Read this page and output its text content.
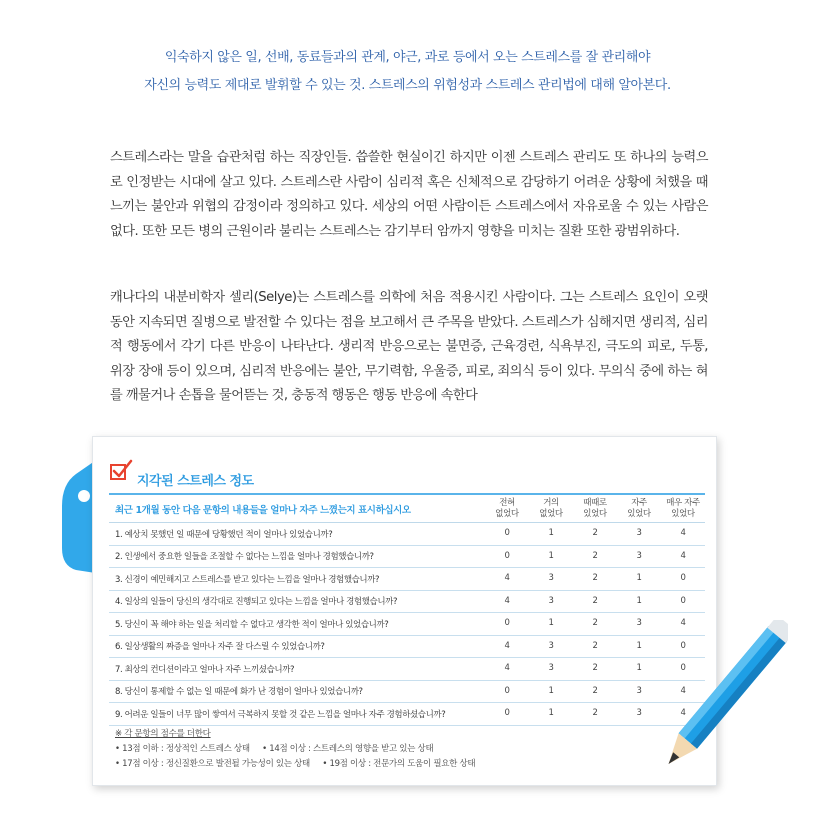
익숙하지 않은 일, 선배, 동료들과의 관계, 야근, 과로 등에서 오는 스트레스를 잘 관리해야
자신의 능력도 제대로 발휘할 수 있는 것. 스트레스의 위험성과 스트레스 관리법에 대해 알아본다.

스트레스라는 말을 습관처럼 하는 직장인들. 씁쓸한 현실이긴 하지만 이젠 스트레스 관리도 또 하나의 능력으로 인정받는 시대에 살고 있다. 스트레스란 사람이 심리적 혹은 신체적으로 감당하기 어려운 상황에 처했을 때 느끼는 불안과 위협의 감정이라 정의하고 있다. 세상의 어떤 사람이든 스트레스에서 자유로울 수 있는 사람은 없다. 또한 모든 병의 근원이라 불리는 스트레스는 감기부터 암까지 영향을 미치는 질환 또한 광범위하다.

캐나다의 내분비학자 셀리(Selye)는 스트레스를 의학에 처음 적용시킨 사람이다. 그는 스트레스 요인이 오랫동안 지속되면 질병으로 발전할 수 있다는 점을 보고해서 큰 주목을 받았다. 스트레스가 심해지면 생리적, 심리적 행동에서 각기 다른 반응이 나타난다. 생리적 반응으로는 불면증, 근육경련, 식욕부진, 극도의 피로, 두통, 위장 장애 등이 있으며, 심리적 반응에는 불안, 무기력함, 우울증, 피로, 죄의식 등이 있다. 무의식 중에 하는 혀를 깨물거나 손톱을 물어뜯는 것, 충동적 행동은 행동 반응에 속한다

지각된 스트레스 정도
최근 1개월 동안 다음 문항의 내용들을 얼마나 자주 느꼈는지 표시하십시오
전혀
없었다
거의
없었다
때때로
있었다
자주
있었다
매우 자주
있었다
1. 예상치 못했던 일 때문에 당황했던 적이 얼마나 있었습니까?	0	1	2	3	4
2. 인생에서 중요한 일들을 조절할 수 없다는 느낌을 얼마나 경험했습니까?	0	1	2	3	4
3. 신경이 예민해지고 스트레스를 받고 있다는 느낌을 얼마나 경험했습니까?	4	3	2	1	0
4. 일상의 일들이 당신의 생각대로 진행되고 있다는 느낌을 얼마나 경험했습니까?	4	3	2	1	0
5. 당신이 꼭 해야 하는 일을 처리할 수 없다고 생각한 적이 얼마나 있었습니까?	0	1	2	3	4
6. 일상생활의 짜증을 얼마나 자주 잘 다스릴 수 있었습니까?	4	3	2	1	0
7. 최상의 컨디션이라고 얼마나 자주 느끼셨습니까?	4	3	2	1	0
8. 당신이 통제할 수 없는 일 때문에 화가 난 경험이 얼마나 있었습니까?	0	1	2	3	4
9. 어려운 일들이 너무 많이 쌓여서 극복하지 못할 것 같은 느낌을 얼마나 자주 경험하셨습니까?	0	1	2	3	4
※ 각 문항의 점수를 더한다
• 13점 이하 : 정상적인 스트레스 상태 • 14점 이상 : 스트레스의 영향을 받고 있는 상태
• 17점 이상 : 정신질환으로 발전될 가능성이 있는 상태 • 19점 이상 : 전문가의 도움이 필요한 상태
